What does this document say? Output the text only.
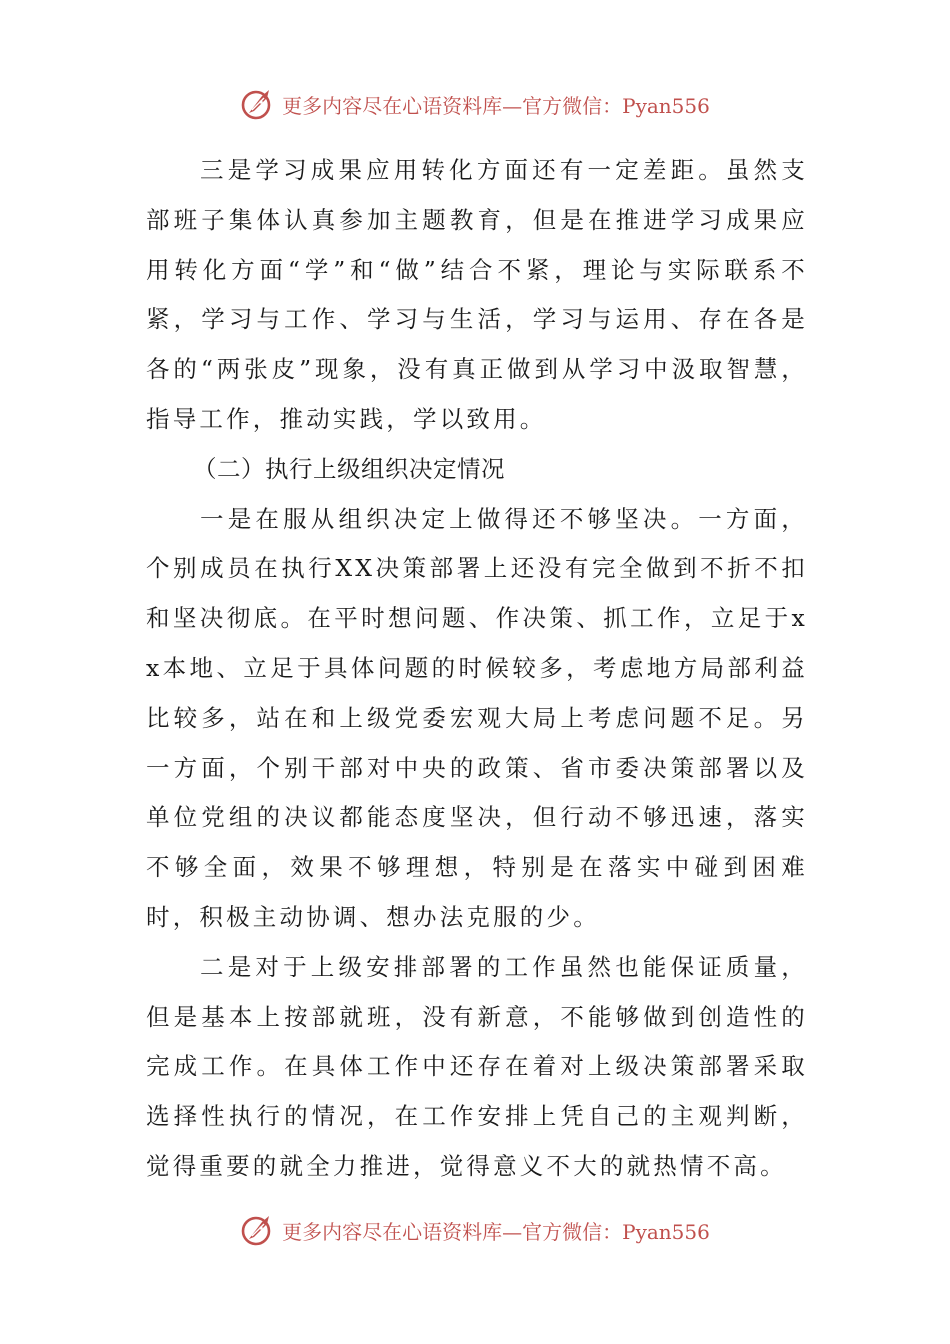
更多内容尽在心语资料库—官方微信：Pyan556

三是学习成果应用转化方面还有一定差距。虽然支部班子集体认真参加主题教育，但是在推进学习成果应用转化方面“学”和“做”结合不紧，理论与实际联系不紧，学习与工作、学习与生活，学习与运用、存在各是各的“两张皮”现象，没有真正做到从学习中汲取智慧，指导工作，推动实践，学以致用。

（二）执行上级组织决定情况

一是在服从组织决定上做得还不够坚决。一方面，个别成员在执行XX决策部署上还没有完全做到不折不扣和坚决彻底。在平时想问题、作决策、抓工作，立足于xx本地、立足于具体问题的时候较多，考虑地方局部利益比较多，站在和上级党委宏观大局上考虑问题不足。另一方面，个别干部对中央的政策、省市委决策部署以及单位党组的决议都能态度坚决，但行动不够迅速，落实不够全面，效果不够理想，特别是在落实中碰到困难时，积极主动协调、想办法克服的少。

二是对于上级安排部署的工作虽然也能保证质量，但是基本上按部就班，没有新意，不能够做到创造性的完成工作。在具体工作中还存在着对上级决策部署采取选择性执行的情况，在工作安排上凭自己的主观判断，觉得重要的就全力推进，觉得意义不大的就热情不高。

更多内容尽在心语资料库—官方微信：Pyan556
